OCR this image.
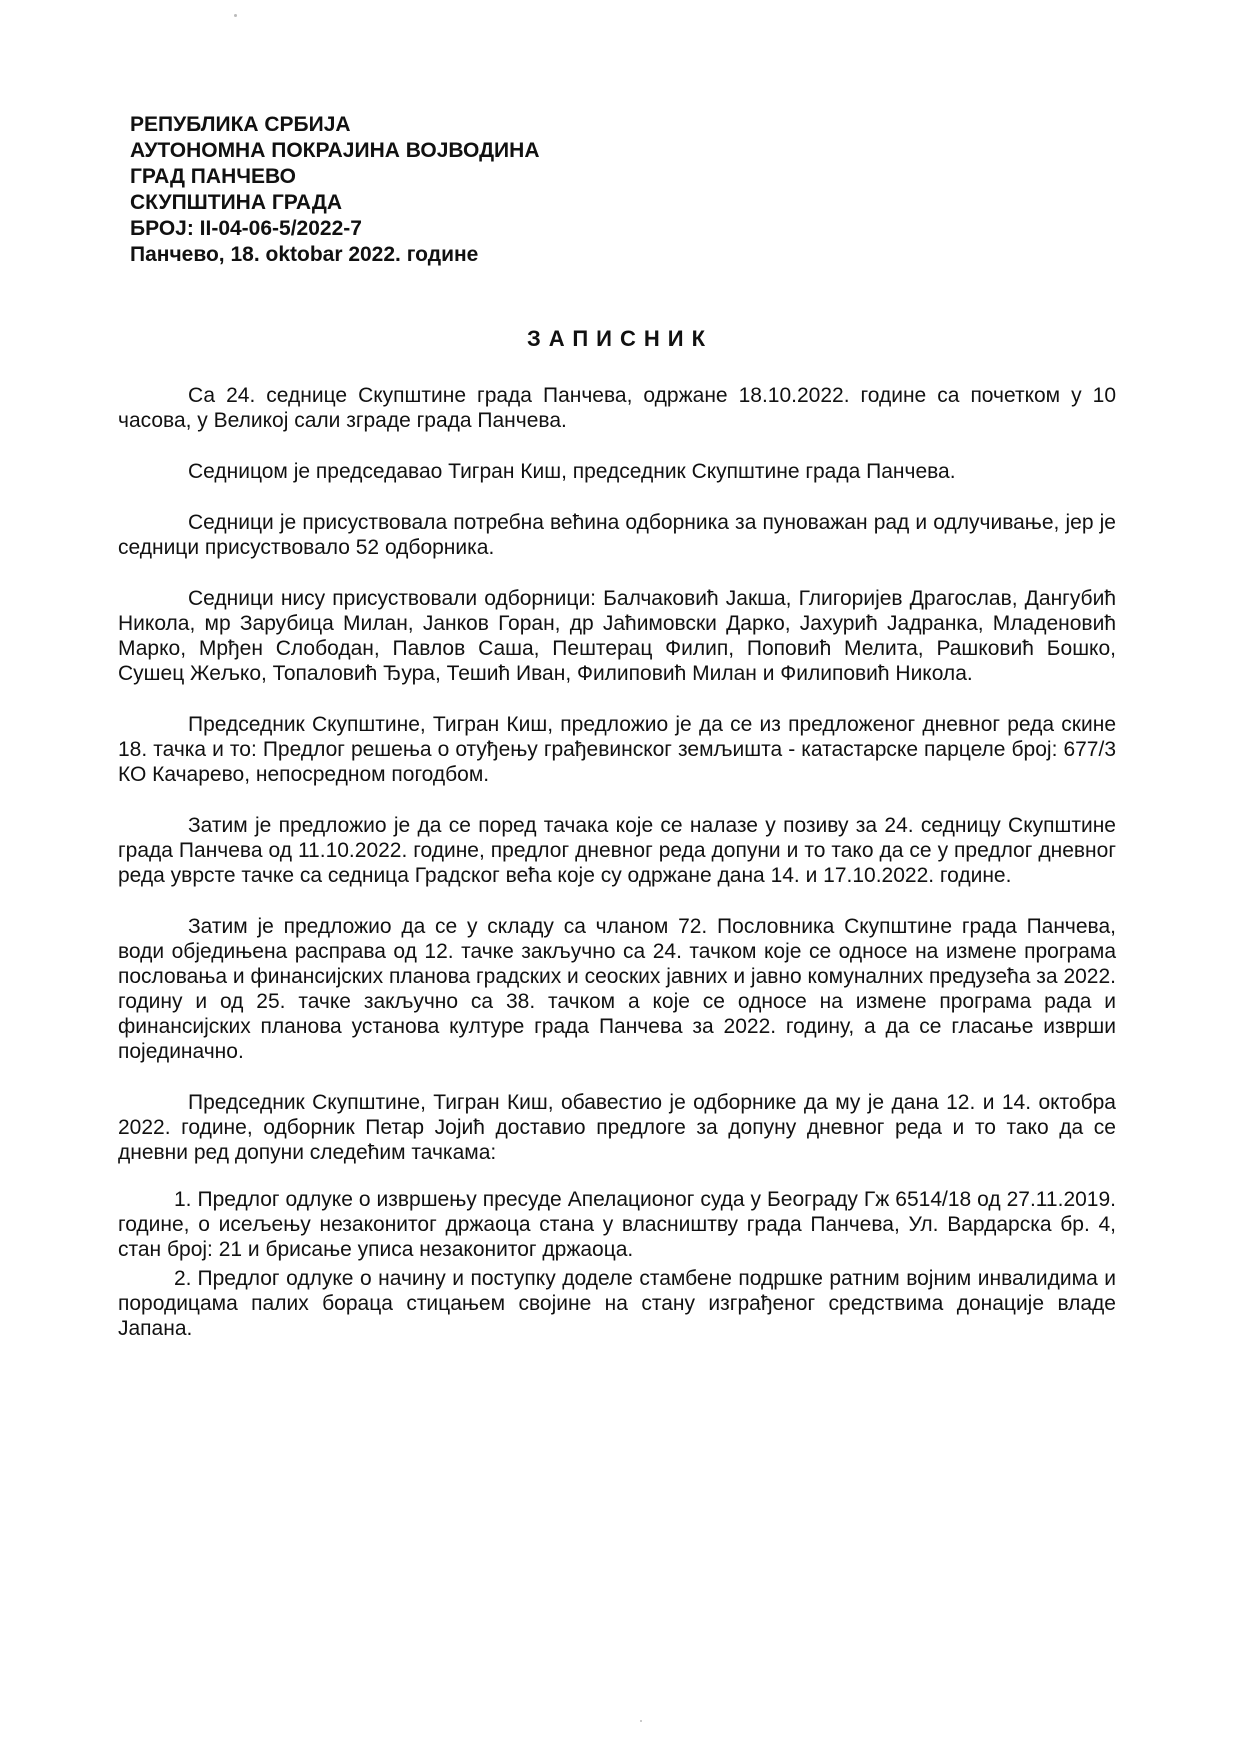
РЕПУБЛИКА СРБИЈА
АУТОНОМНА ПОКРАЈИНА ВОЈВОДИНА
ГРАД ПАНЧЕВО
СКУПШТИНА ГРАДА
БРОЈ: II-04-06-5/2022-7
Панчево, 18. oktobar 2022. године
ЗАПИСНИК

Са 24. седнице Скупштине града Панчева, одржане 18.10.2022. године са почетком у 10 часова, у Великој сали зграде града Панчева.

Седницом је председавао Тигран Киш, председник Скупштине града Панчева.

Седници је присуствовала потребна већина одборника за пуноважан рад и одлучивање, јер је седници присуствовало 52 одборника.

Седници нису присуствовали одборници: Балчаковић Јакша, Глигоријев Драгослав, Дангубић Никола, мр Зарубица Милан, Јанков Горан, др Јаћимовски Дарко, Јахурић Јадранка, Младеновић Марко, Мрђен Слободан, Павлов Саша, Пештерац Филип, Поповић Мелита, Рашковић Бошко, Сушец Жељко, Топаловић Ђура, Тешић Иван, Филиповић Милан и Филиповић Никола.

Председник Скупштине, Тигран Киш, предложио је да се из предложеног дневног реда скине 18. тачка и то: Предлог решења о отуђењу грађевинског земљишта - катастарске парцеле број: 677/3 КО Качарево, непосредном погодбом.

Затим је предложио је да се поред тачака које се налазе у позиву за 24. седницу Скупштине града Панчева од 11.10.2022. године, предлог дневног реда допуни и то тако да се у предлог дневног реда уврсте тачке са седница Градског већа које су одржане дана 14. и 17.10.2022. године.

Затим је предложио да се у складу са чланом 72. Пословника Скупштине града Панчева, води обједињена расправа од 12. тачке закључно са 24. тачком које се односе на измене програма пословања и финансијских планова градских и сеоских јавних и јавно комуналних предузећа за 2022. годину и од 25. тачке закључно са 38. тачком а које се односе на измене програма рада и финансијских планова установа културе града Панчева за 2022. годину, а да се гласање изврши појединачно.

Председник Скупштине, Тигран Киш, обавестио је одборнике да му је дана 12. и 14. октобра 2022. године, одборник Петар Јојић доставио предлоге за допуну дневног реда и то тако да се дневни ред допуни следећим тачкама:

1. Предлог одлуке о извршењу пресуде Апелационог суда у Београду Гж 6514/18 од 27.11.2019. године, о исељењу незаконитог држаоца стана у власништву града Панчева, Ул. Вардарска бр. 4, стан број: 21 и брисање уписа незаконитог држаоца.
2. Предлог одлуке о начину и поступку доделе стамбене подршке ратним војним инвалидима и породицама палих бораца стицањем својине на стану изграђеног средствима донације владе Јапана.
